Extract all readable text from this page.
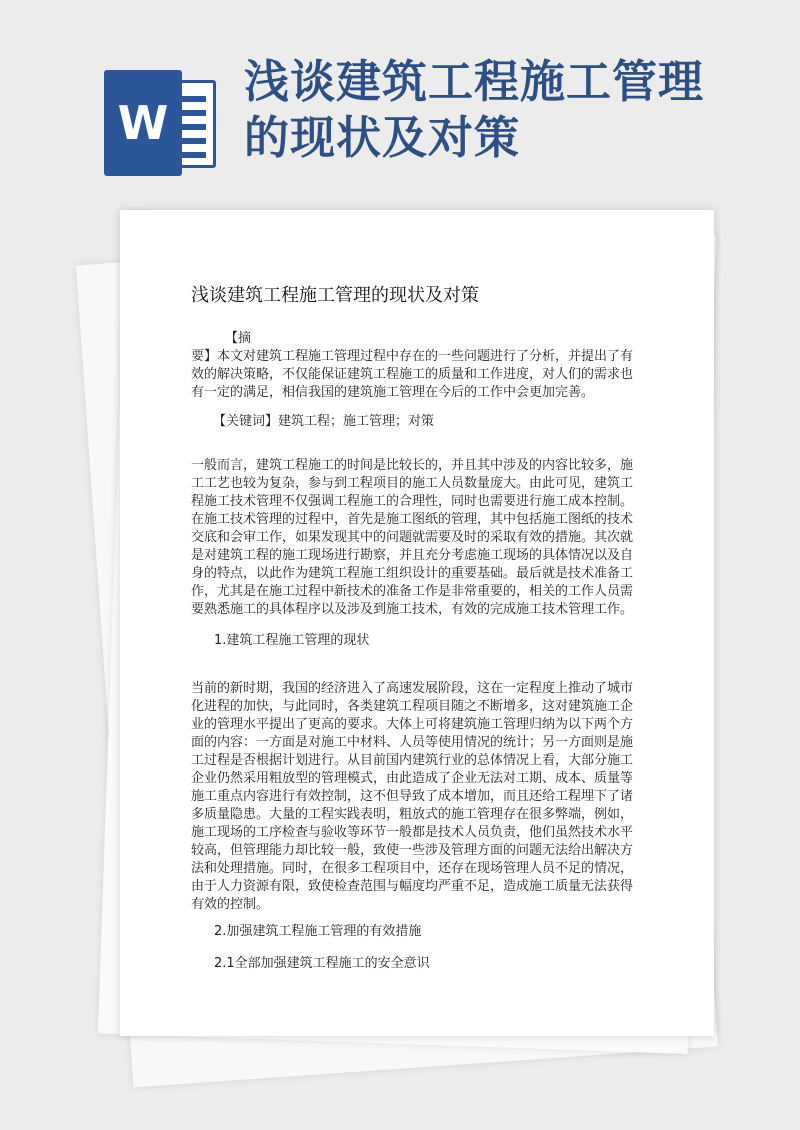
W
浅谈建筑工程施工管理的现状及对策
浅谈建筑工程施工管理的现状及对策

【摘

要】本文对建筑工程施工管理过程中存在的一些问题进行了分析，并提出了有效的解决策略，不仅能保证建筑工程施工的质量和工作进度，对人们的需求也有一定的满足，相信我国的建筑施工管理在今后的工作中会更加完善。

【关键词】建筑工程；施工管理；对策

一般而言，建筑工程施工的时间是比较长的，并且其中涉及的内容比较多，施工工艺也较为复杂，参与到工程项目的施工人员数量庞大。由此可见，建筑工程施工技术管理不仅强调工程施工的合理性，同时也需要进行施工成本控制。在施工技术管理的过程中，首先是施工图纸的管理，其中包括施工图纸的技术交底和会审工作，如果发现其中的问题就需要及时的采取有效的措施。其次就是对建筑工程的施工现场进行勘察，并且充分考虑施工现场的具体情况以及自身的特点，以此作为建筑工程施工组织设计的重要基础。最后就是技术准备工作，尤其是在施工过程中新技术的准备工作是非常重要的，相关的工作人员需要熟悉施工的具体程序以及涉及到施工技术，有效的完成施工技术管理工作。

1.建筑工程施工管理的现状

当前的新时期，我国的经济进入了高速发展阶段，这在一定程度上推动了城市化进程的加快，与此同时，各类建筑工程项目随之不断增多，这对建筑施工企业的管理水平提出了更高的要求。大体上可将建筑施工管理归纳为以下两个方面的内容：一方面是对施工中材料、人员等使用情况的统计；另一方面则是施工过程是否根据计划进行。从目前国内建筑行业的总体情况上看，大部分施工企业仍然采用粗放型的管理模式，由此造成了企业无法对工期、成本、质量等施工重点内容进行有效控制，这不但导致了成本增加，而且还给工程埋下了诸多质量隐患。大量的工程实践表明，粗放式的施工管理存在很多弊端，例如，施工现场的工序检查与验收等环节一般都是技术人员负责，他们虽然技术水平较高，但管理能力却比较一般，致使一些涉及管理方面的问题无法给出解决方法和处理措施。同时，在很多工程项目中，还存在现场管理人员不足的情况，由于人力资源有限，致使检查范围与幅度均严重不足，造成施工质量无法获得有效的控制。

2.加强建筑工程施工管理的有效措施

2.1全部加强建筑工程施工的安全意识
